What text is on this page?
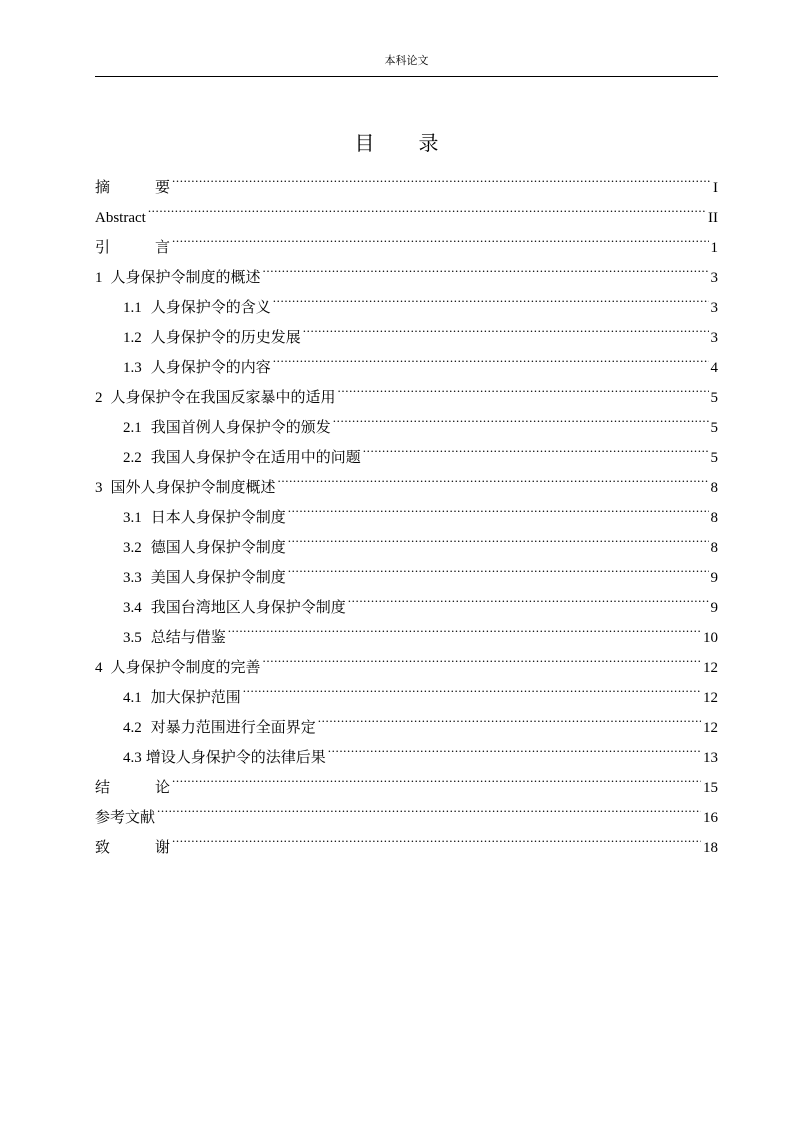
本科论文
目 录
摘	要 .....	I
Abstract .....	II
引	言 .....	1
1 人身保护令制度的概述 .....	3
1.1 人身保护令的含义 .....	3
1.2 人身保护令的历史发展 .....	3
1.3 人身保护令的内容 .....	4
2 人身保护令在我国反家暴中的适用 .....	5
2.1 我国首例人身保护令的颁发 .....	5
2.2 我国人身保护令在适用中的问题 .....	5
3 国外人身保护令制度概述 .....	8
3.1 日本人身保护令制度 .....	8
3.2 德国人身保护令制度 .....	8
3.3 美国人身保护令制度 .....	9
3.4 我国台湾地区人身保护令制度 .....	9
3.5 总结与借鉴 .....	10
4 人身保护令制度的完善 .....	12
4.1 加大保护范围 .....	12
4.2 对暴力范围进行全面界定 .....	12
4.3 增设人身保护令的法律后果 .....	13
结	论 .....	15
参考文献 .....	16
致	谢 .....	18
